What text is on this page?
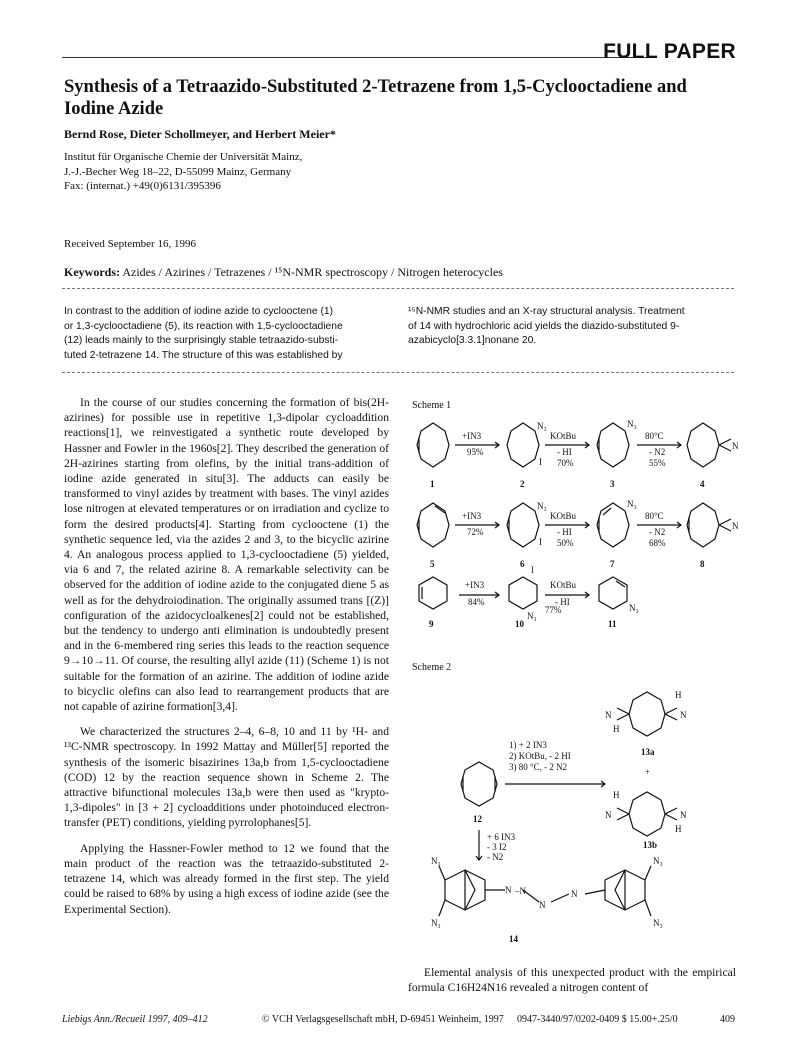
FULL PAPER
Synthesis of a Tetraazido-Substituted 2-Tetrazene from 1,5-Cyclooctadiene and Iodine Azide
Bernd Rose, Dieter Schollmeyer, and Herbert Meier*
Institut für Organische Chemie der Universität Mainz,
J.-J.-Becher Weg 18–22, D-55099 Mainz, Germany
Fax: (internat.) +49(0)6131/395396
Received September 16, 1996
Keywords: Azides / Azirines / Tetrazenes / ¹⁵N-NMR spectroscopy / Nitrogen heterocycles
In contrast to the addition of iodine azide to cyclooctene (1)
or 1,3-cyclooctadiene (5), its reaction with 1,5-cyclooctadiene
(12) leads mainly to the surprisingly stable tetraazido-substi-
tuted 2-tetrazene 14. The structure of this was established by
¹⁵N-NMR studies and an X-ray structural analysis. Treatment
of 14 with hydrochloric acid yields the diazido-substituted 9-
azabicyclo[3.3.1]nonane 20.

In the course of our studies concerning the formation of bis(2H-azirines) for possible use in repetitive 1,3-dipolar cycloaddition reactions[1], we reinvestigated a synthetic route developed by Hassner and Fowler in the 1960s[2]. They described the generation of 2H-azirines starting from olefins, by the initial trans-addition of iodine azide generated in situ[3]. The adducts can easily be transformed to vinyl azides by treatment with bases. The vinyl azides lose nitrogen at elevated temperatures or on irradiation and cyclize to form the desired products[4]. Starting from cyclooctene (1) the synthetic sequence led, via the azides 2 and 3, to the bicyclic azirine 4. An analogous process applied to 1,3-cyclooctadiene (5) yielded, via 6 and 7, the related azirine 8. A remarkable selectivity can be observed for the addition of iodine azide to the conjugated diene 5 as well as for the dehydroiodination. The originally assumed trans [(Z)] configuration of the azidocycloalkenes[2] could not be established, but the tendency to undergo anti elimination is undoubtedly present and in the 6-membered ring series this leads to the reaction sequence 9→10→11. Of course, the resulting allyl azide (11) (Scheme 1) is not suitable for the formation of an azirine. The addition of iodine azide to bicyclic olefins can also lead to rearrangement products that are not capable of azirine formation[3,4].

We characterized the structures 2–4, 6–8, 10 and 11 by ¹H- and ¹³C-NMR spectroscopy. In 1992 Mattay and Müller[5] reported the synthesis of the isomeric bisazirines 13a,b from 1,5-cyclooctadiene (COD) 12 by the reaction sequence shown in Scheme 2. The attractive bifunctional molecules 13a,b were then used as "krypto-1,3-dipoles" in [3 + 2] cycloadditions under photoinduced electron-transfer (PET) conditions, yielding pyrrolophanes[5].

Applying the Hassner-Fowler method to 12 we found that the main product of the reaction was the tetraazido-substituted 2-tetrazene 14, which was already formed in the first step. The yield could be raised to 68% by using a high excess of iodine azide (see the Experimental Section).

Scheme 1
+IN3
95%
KOtBu
- HI
70%
80°C
- N2
55%
N₃
I
N₃
N
1	2	3	4
+IN3
72%
KOtBu
- HI
50%
80°C
- N2
68%
N₃
I
N₃
N
5	6	7	8
+IN3
84%
KOtBu
- HI
77%
I
N₃
N₃
9	10	11
Scheme 2
1) + 2 IN3
2) KOtBu, - 2 HI
3) 80 °C, - 2 N2
N	N
H
H
N	N
H
H
13a
+
13b
12
+ 6 IN3
- 3 I2
- N2
N –N
N
N
N₃
N₃
N₃
N₃
14

Elemental analysis of this unexpected product with the empirical formula C16H24N16 revealed a nitrogen content of

Liebigs Ann./Recueil 1997, 409–412	© VCH Verlagsgesellschaft mbH, D-69451 Weinheim, 1997 0947-3440/97/0202-0409 $ 15.00+.25/0	409
